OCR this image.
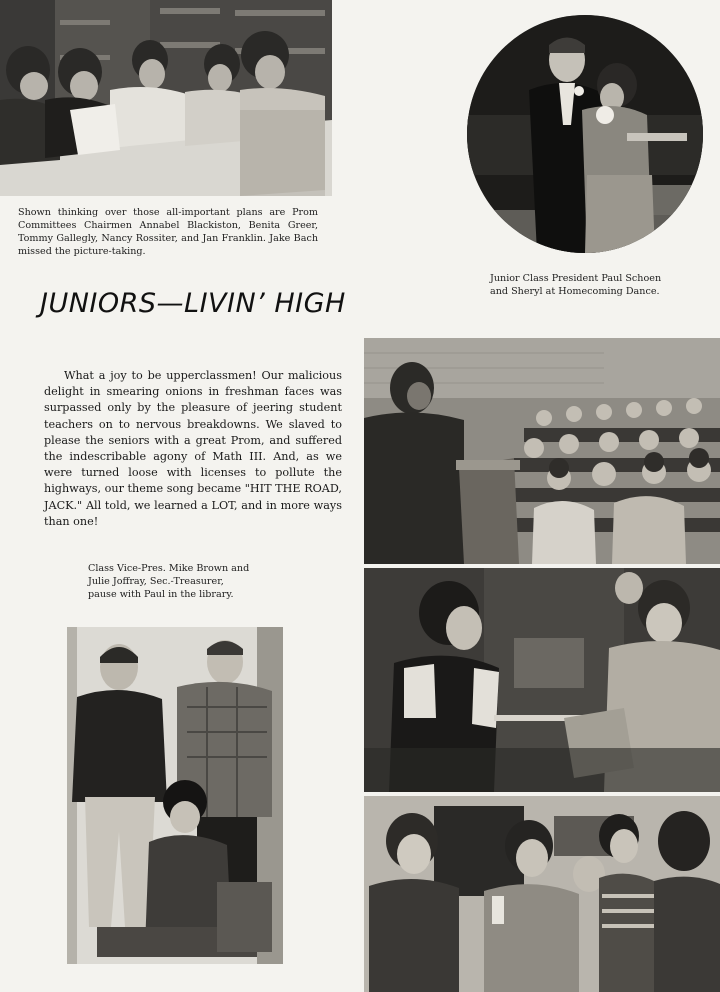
Shown thinking over those all-important plans are Prom Committees Chairmen Annabel Blackiston, Benita Greer, Tommy Gallegly, Nancy Rossiter, and Jan Franklin. Jake Bach missed the picture-taking.
Junior Class President Paul Schoen
and Sheryl at Homecoming Dance.
JUNIORS—LIVIN’ HIGH

What a joy to be upperclassmen! Our malicious delight in smearing onions in freshman faces was surpassed only by the pleasure of jeering student teachers on to nervous breakdowns. We slaved to please the seniors with a great Prom, and suffered the indescribable agony of Math III. And, as we were turned loose with licenses to pollute the highways, our theme song became "HIT THE ROAD, JACK." All told, we learned a LOT, and in more ways than one!

Class Vice-Pres. Mike Brown and Julie Joffray, Sec.-Treasurer, pause with Paul in the library.
